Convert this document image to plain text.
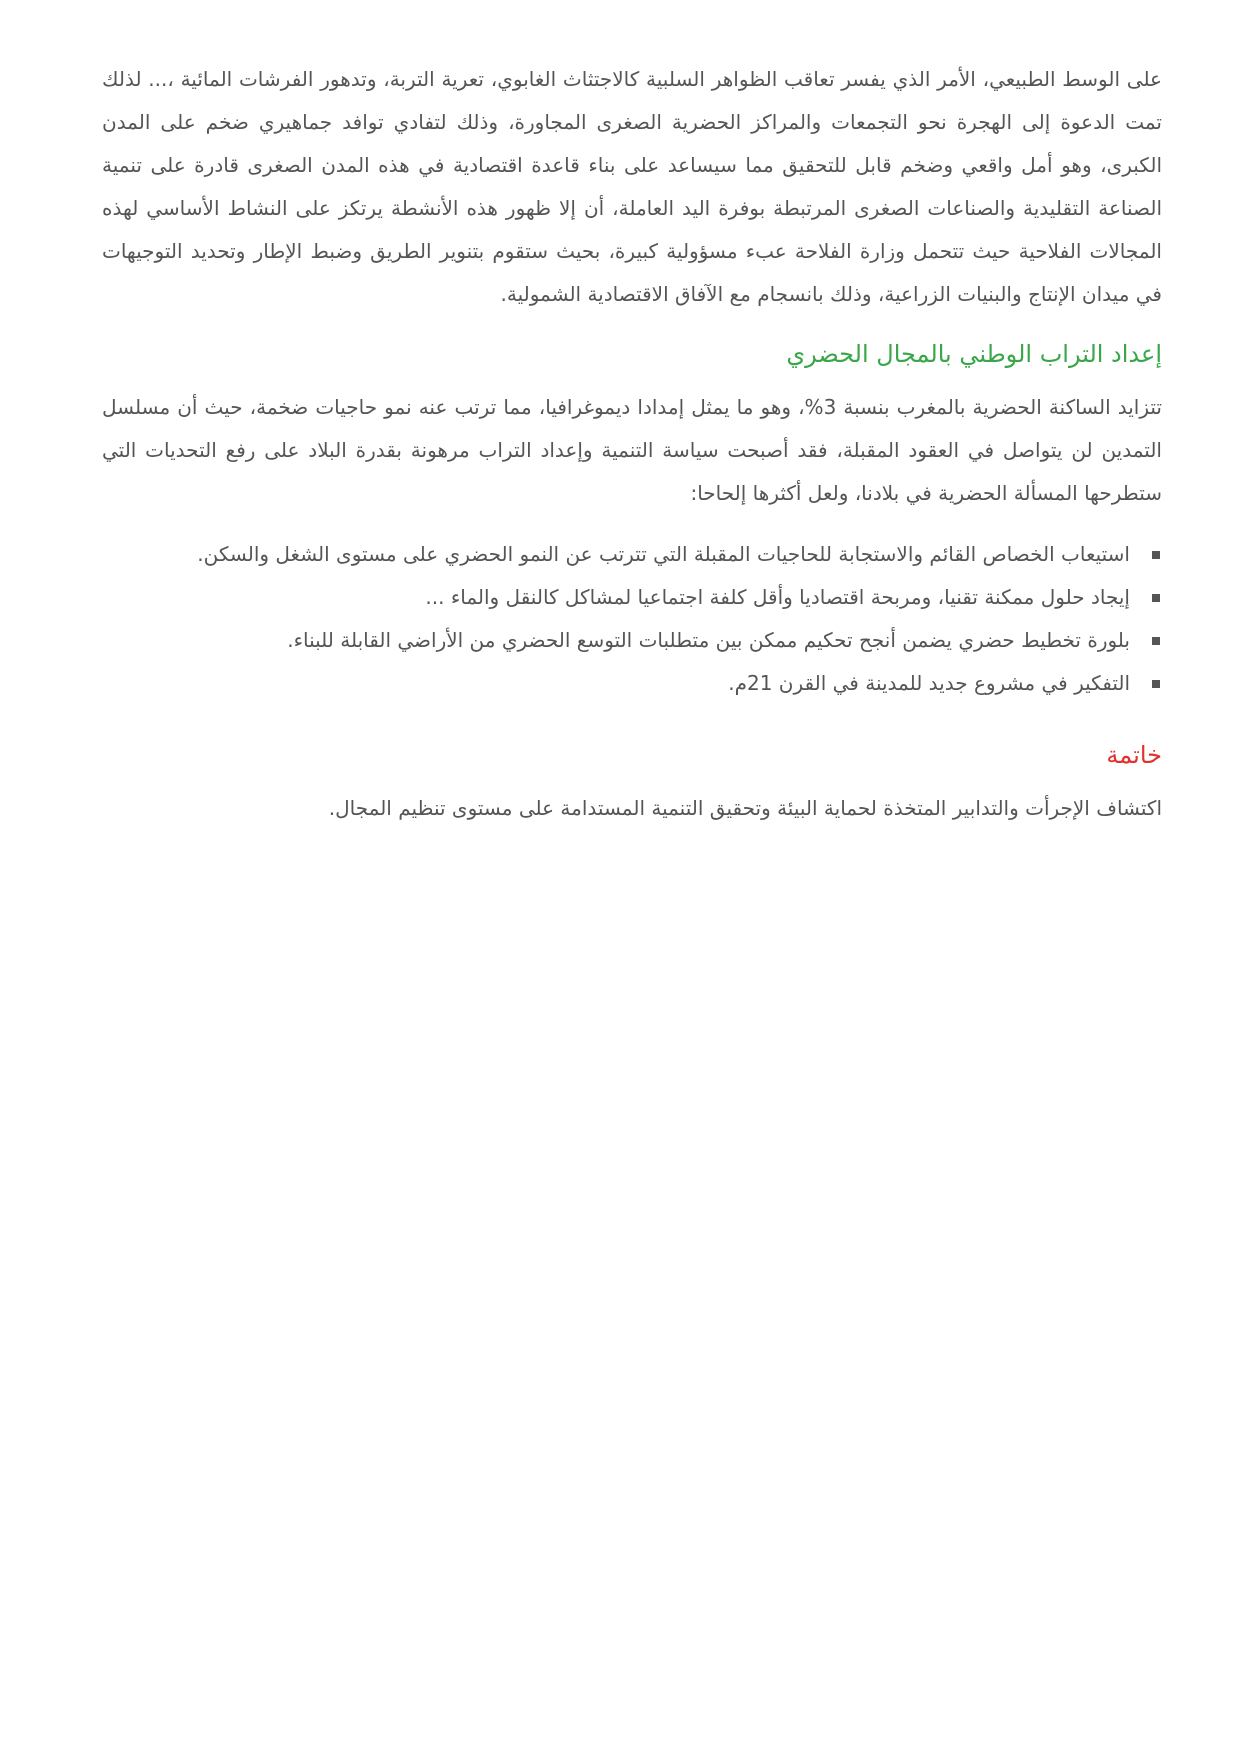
على الوسط الطبيعي، الأمر الذي يفسر تعاقب الظواهر السلبية كالاجتثاث الغابوي، تعرية التربة، وتدهور الفرشات المائية ،... لذلك تمت الدعوة إلى الهجرة نحو التجمعات والمراكز الحضرية الصغرى المجاورة، وذلك لتفادي توافد جماهيري ضخم على المدن الكبرى، وهو أمل واقعي وضخم قابل للتحقيق مما سيساعد على بناء قاعدة اقتصادية في هذه المدن الصغرى قادرة على تنمية الصناعة التقليدية والصناعات الصغرى المرتبطة بوفرة اليد العاملة، أن إلا ظهور هذه الأنشطة يرتكز على النشاط الأساسي لهذه المجالات الفلاحية حيث تتحمل وزارة الفلاحة عبء مسؤولية كبيرة، بحيث ستقوم بتنوير الطريق وضبط الإطار وتحديد التوجيهات في ميدان الإنتاج والبنيات الزراعية، وذلك بانسجام مع الآفاق الاقتصادية الشمولية.

إعداد التراب الوطني بالمجال الحضري

تتزايد الساكنة الحضرية بالمغرب بنسبة 3%، وهو ما يمثل إمدادا ديموغرافيا، مما ترتب عنه نمو حاجيات ضخمة، حيث أن مسلسل التمدين لن يتواصل في العقود المقبلة، فقد أصبحت سياسة التنمية وإعداد التراب مرهونة بقدرة البلاد على رفع التحديات التي ستطرحها المسألة الحضرية في بلادنا، ولعل أكثرها إلحاحا:

استيعاب الخصاص القائم والاستجابة للحاجيات المقبلة التي تترتب عن النمو الحضري على مستوى الشغل والسكن.
إيجاد حلول ممكنة تقنيا، ومربحة اقتصاديا وأقل كلفة اجتماعيا لمشاكل كالنقل والماء ...
بلورة تخطيط حضري يضمن أنجح تحكيم ممكن بين متطلبات التوسع الحضري من الأراضي القابلة للبناء.
التفكير في مشروع جديد للمدينة في القرن 21م.
خاتمة

اكتشاف الإجرأت والتدابير المتخذة لحماية البيئة وتحقيق التنمية المستدامة على مستوى تنظيم المجال.
